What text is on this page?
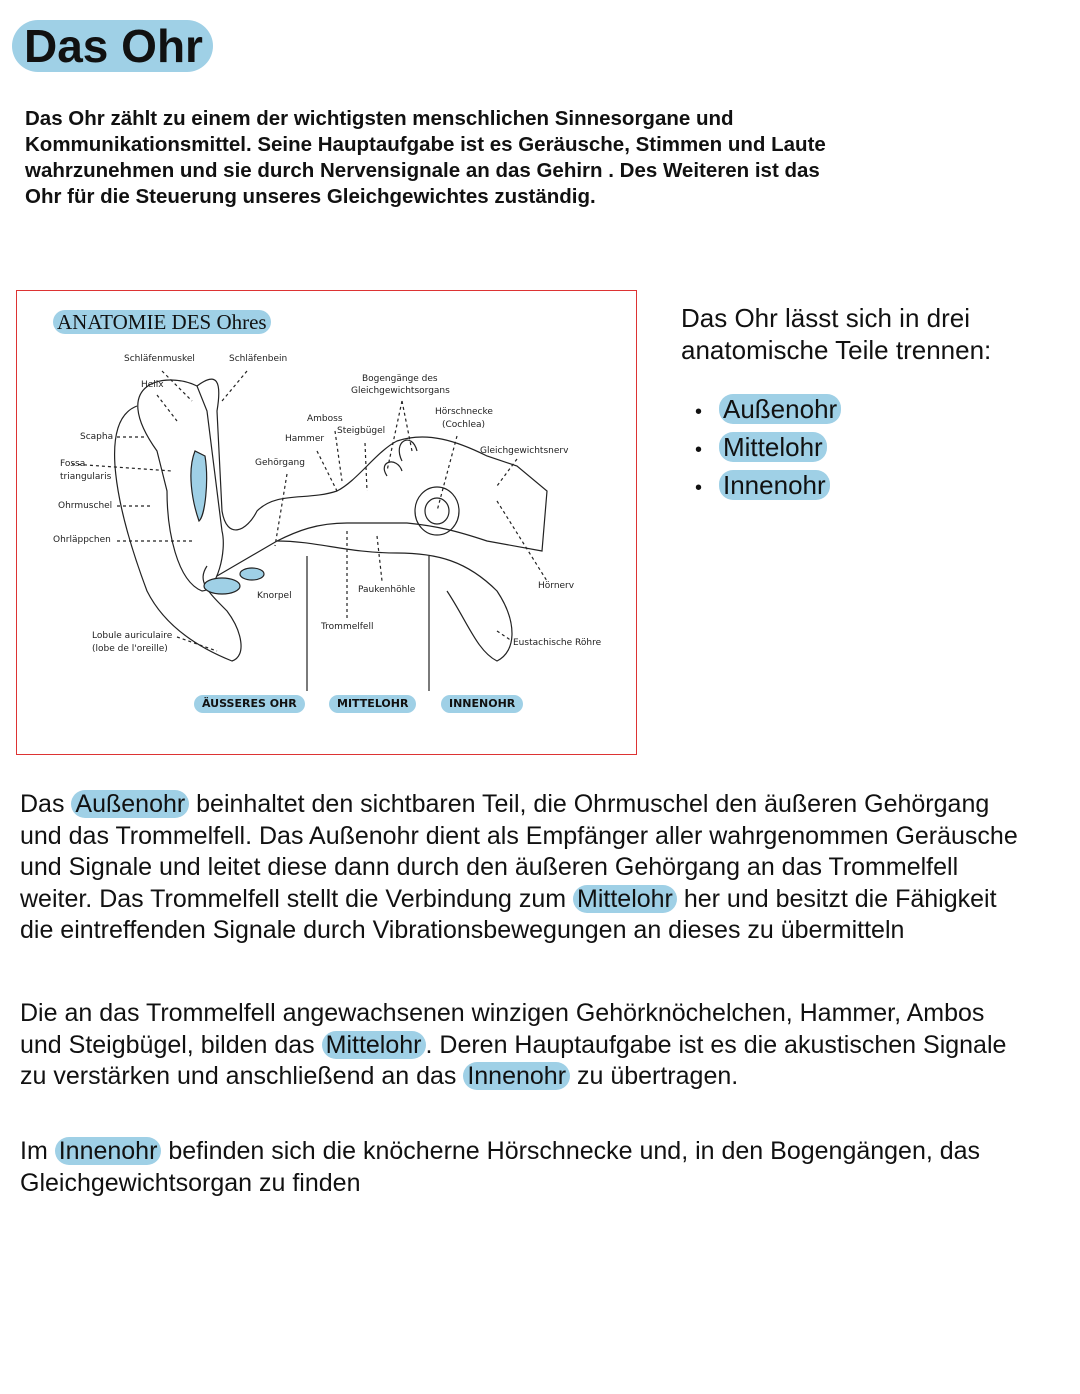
Das Ohr

Das Ohr zählt zu einem der wichtigsten menschlichen Sinnesorgane und Kommunikationsmittel. Seine Hauptaufgabe ist es Geräusche, Stimmen und Laute wahrzunehmen und sie durch Nervensignale an das Gehirn . Des Weiteren ist das Ohr für die Steuerung unseres Gleichgewichtes zuständig.

ANATOMIE DES Ohres
Schläfenmuskel	Schläfenbein
Helix
Scapha
Fossa
triangularis
Ohrmuschel
Ohrläppchen
Lobule auriculaire
(lobe de l'oreille)
Knorpel
Gehörgang
Hammer
Amboss
Steigbügel
Bogengänge des
Gleichgewichtsorgans
Hörschnecke
(Cochlea)
Gleichgewichtsnerv
Hörnerv
Paukenhöhle
Trommelfell
Eustachische Röhre
ÄUSSERES OHR	MITTELOHR	INNENOHR

Das Ohr lässt sich in drei anatomische Teile trennen:

• Außenohr
• Mittelohr
• Innenohr

Das Außenohr beinhaltet den sichtbaren Teil, die Ohrmuschel den äußeren Gehörgang und das Trommelfell. Das Außenohr dient als Empfänger aller wahrgenommen Geräusche und Signale und leitet diese dann durch den äußeren Gehörgang an das Trommelfell weiter. Das Trommelfell stellt die Verbindung zum Mittelohr her und besitzt die Fähigkeit die eintreffenden Signale durch Vibrationsbewegungen an dieses zu übermitteln

Die an das Trommelfell angewachsenen winzigen Gehörknöchelchen, Hammer, Ambos und Steigbügel, bilden das Mittelohr . Deren Hauptaufgabe ist es die akustischen Signale zu verstärken und anschließend an das Innenohr zu übertragen.

Im Innenohr befinden sich die knöcherne Hörschnecke und, in den Bogengängen, das Gleichgewichtsorgan zu finden
